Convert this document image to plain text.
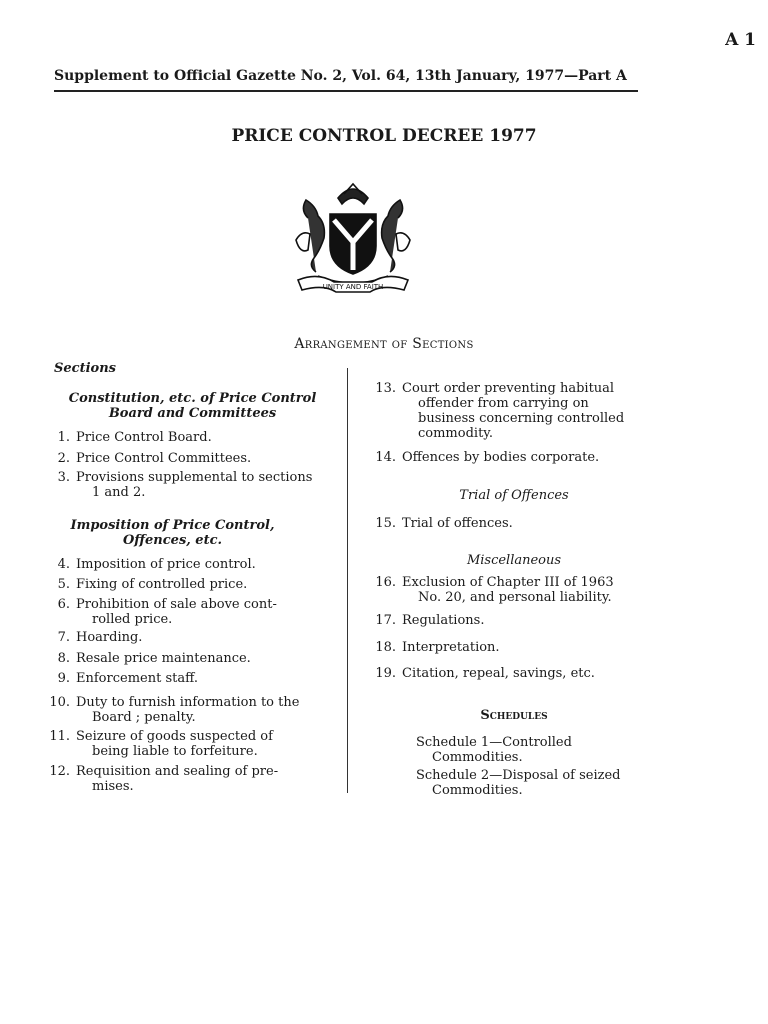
A 1
Supplement to Official Gazette No. 2, Vol. 64, 13th January, 1977—Part A
PRICE CONTROL DECREE 1977
UNITY AND FAITH
Arrangement of Sections
Sections
Constitution, etc. of Price Control
Board and Committees
1. Price Control Board.
2. Price Control Committees.
3. Provisions supplemental to sections
1 and 2.
Imposition of Price Control,
Offences, etc.
4. Imposition of price control.
5. Fixing of controlled price.
6. Prohibition of sale above cont-
rolled price.
7. Hoarding.
8. Resale price maintenance.
9. Enforcement staff.
10. Duty to furnish information to the
Board ; penalty.
11. Seizure of goods suspected of
being liable to forfeiture.
12. Requisition and sealing of pre-
mises.
13. Court order preventing habitual
offender from carrying on
business concerning controlled
commodity.
14. Offences by bodies corporate.
Trial of Offences
15. Trial of offences.
Miscellaneous
16. Exclusion of Chapter III of 1963
No. 20, and personal liability.
17. Regulations.
18. Interpretation.
19. Citation, repeal, savings, etc.
Schedules
Schedule 1—Controlled
Commodities.
Schedule 2—Disposal of seized
Commodities.
